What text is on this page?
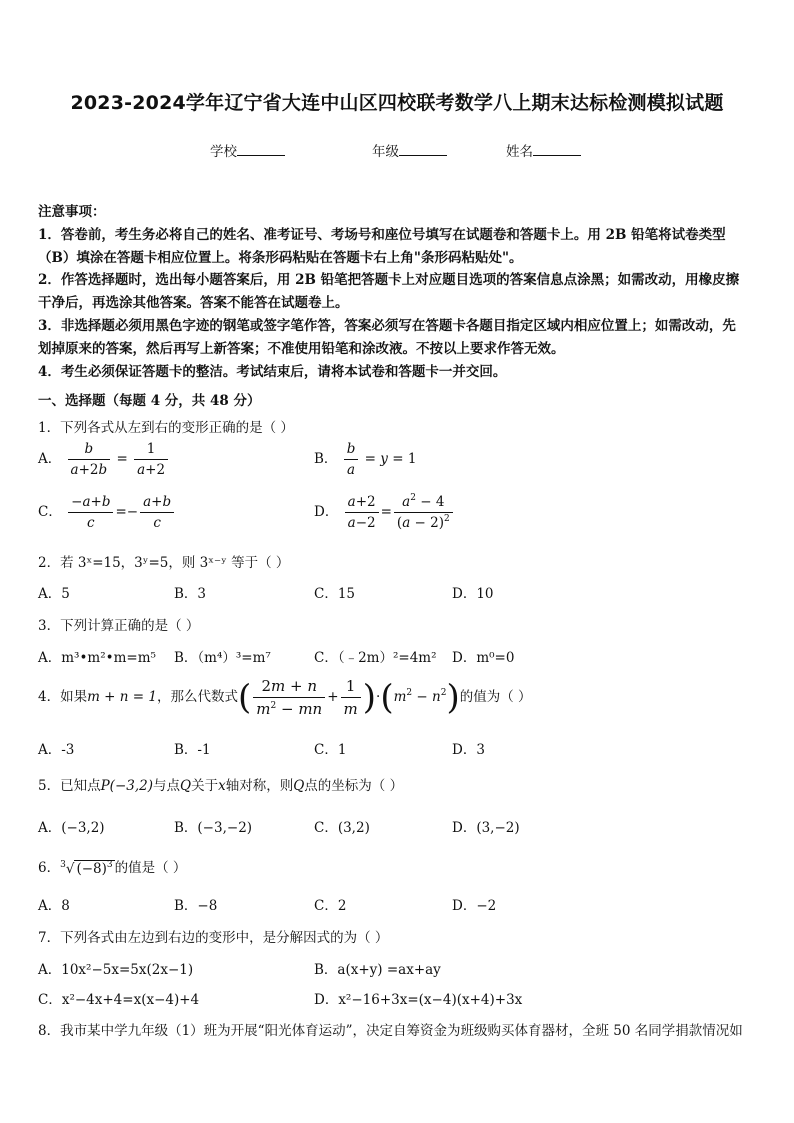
2023-2024学年辽宁省大连中山区四校联考数学八上期末达标检测模拟试题
学校	年级	姓名
注意事项：
1．答卷前，考生务必将自己的姓名、准考证号、考场号和座位号填写在试题卷和答题卡上。用 2B 铅笔将试卷类型
（B）填涂在答题卡相应位置上。将条形码粘贴在答题卡右上角"条形码粘贴处"。
2．作答选择题时，选出每小题答案后，用 2B 铅笔把答题卡上对应题目选项的答案信息点涂黑；如需改动，用橡皮擦
干净后，再选涂其他答案。答案不能答在试题卷上。
3．非选择题必须用黑色字迹的钢笔或签字笔作答，答案必须写在答题卡各题目指定区域内相应位置上；如需改动，先
划掉原来的答案，然后再写上新答案；不准使用铅笔和涂改液。不按以上要求作答无效。
4．考生必须保证答题卡的整洁。考试结束后，请将本试卷和答题卡一并交回。
一、选择题（每题 4 分，共 48 分）
1．下列各式从左到右的变形正确的是（ ）
A． $\frac{b}{a+2b} = \frac{1}{a+2}$	B． $\frac{b}{a} = y = 1$
C． $\frac{-a+b}{c} =- \frac{a+b}{c}$	D． $\frac{a+2}{a-2} = \frac{a^2 - 4}{(a - 2)^2}$
2．若 3ˣ=15，3ʸ=5，则 3ˣ⁻ʸ 等于（ ）
A．5	B．3	C．15	D．10
3．下列计算正确的是（ ）
A．m³•m²•m=m⁵ B．（m⁴）³=m⁷	C．（﹣2m）²=4m² D．m⁰=0
4．如果m + n = 1，那么代数式( $\frac{2m + n}{m^2 - mn} + \frac{1}{m} )\cdot(m^2 - n^2)$的值为（ ）
A．-3	B．-1	C．1	D．3
5．已知点P(−3,2)与点Q关于x轴对称，则Q点的坐标为（ ）
A．(−3,2)	B．(−3,−2)	C．(3,2)	D．(3,−2)
6．$^3$√ $(-8)^3$ 的值是（ ）
A．8	B．−8	C．2	D．−2
7．下列各式由左边到右边的变形中，是分解因式的为（ ）
A．10x²−5x=5x(2x−1)	B．a(x+y) =ax+ay
C．x²−4x+4=x(x−4)+4	D．x²−16+3x=(x−4)(x+4)+3x
8．我市某中学九年级（1）班为开展“阳光体育运动”，决定自筹资金为班级购买体育器材，全班 50 名同学捐款情况如
